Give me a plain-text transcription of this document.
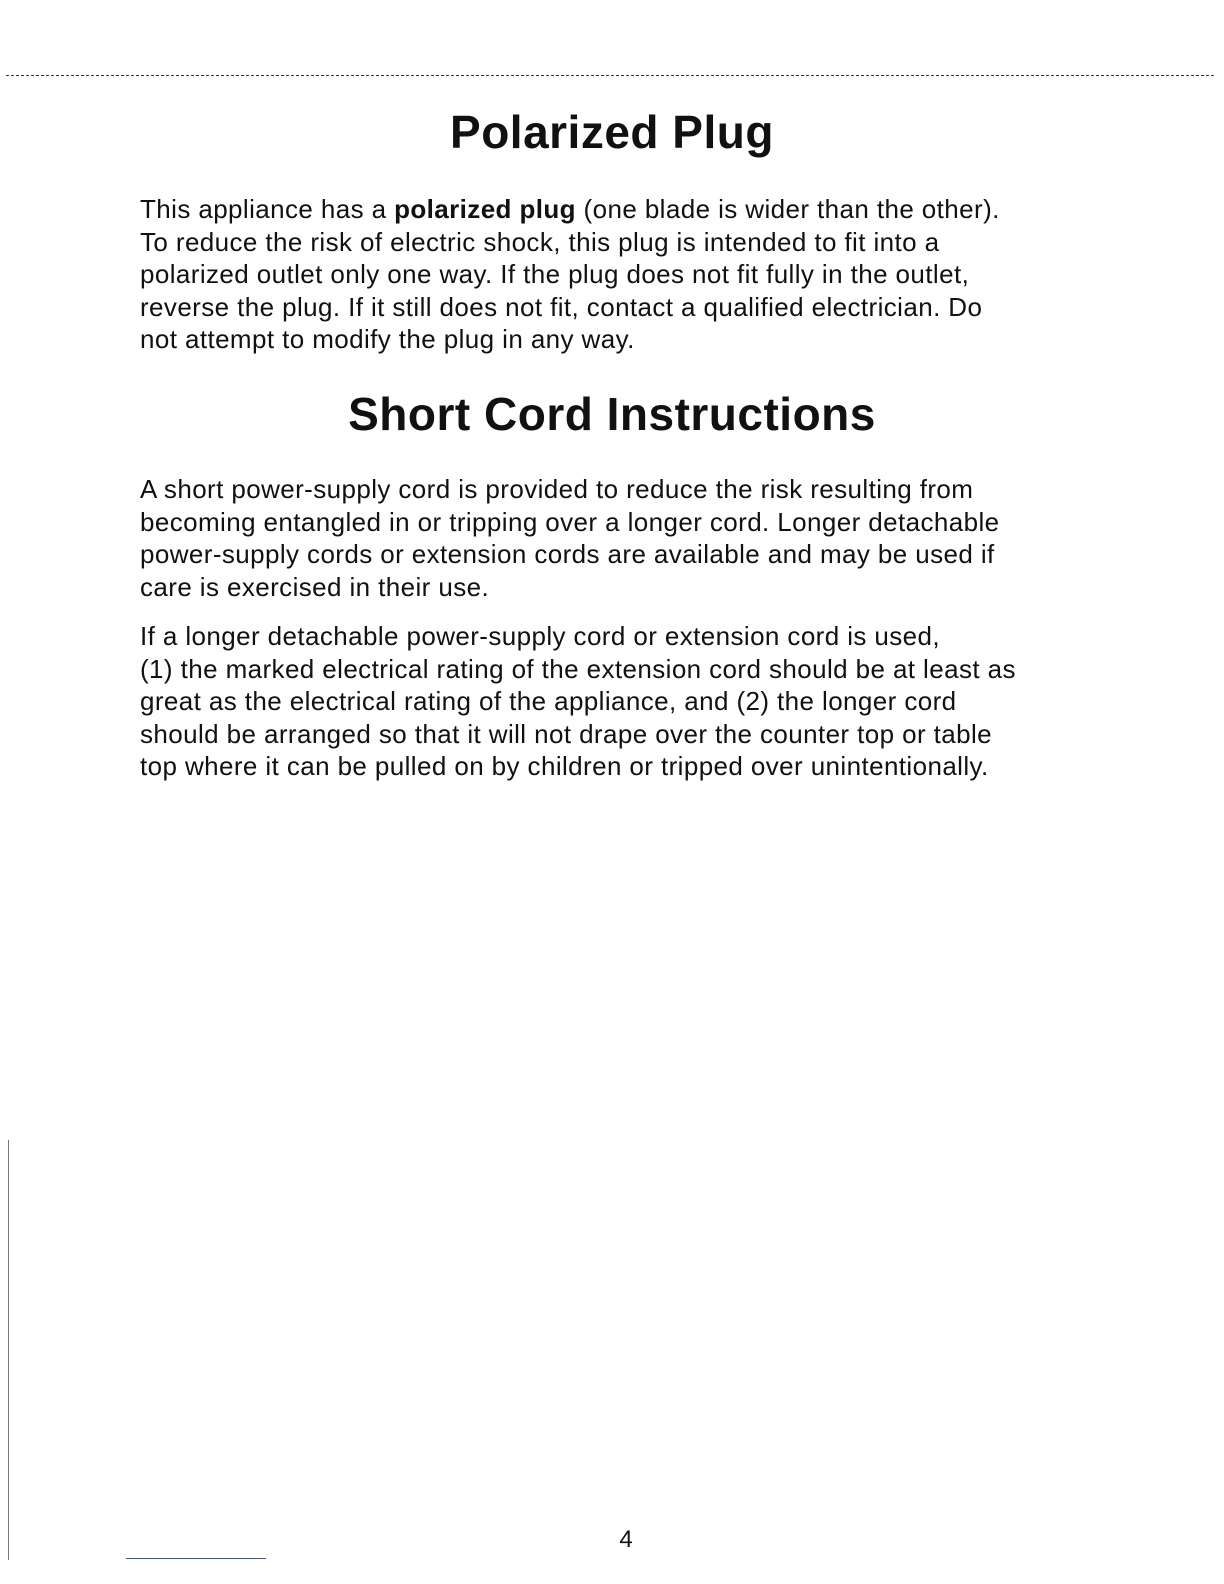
Polarized Plug

This appliance has a polarized plug (one blade is wider than the other).
To reduce the risk of electric shock, this plug is intended to fit into a
polarized outlet only one way. If the plug does not fit fully in the outlet,
reverse the plug. If it still does not fit, contact a qualified electrician. Do
not attempt to modify the plug in any way.

Short Cord Instructions

A short power-supply cord is provided to reduce the risk resulting from
becoming entangled in or tripping over a longer cord. Longer detachable
power-supply cords or extension cords are available and may be used if
care is exercised in their use.

If a longer detachable power-supply cord or extension cord is used,
(1) the marked electrical rating of the extension cord should be at least as
great as the electrical rating of the appliance, and (2) the longer cord
should be arranged so that it will not drape over the counter top or table
top where it can be pulled on by children or tripped over unintentionally.

4
